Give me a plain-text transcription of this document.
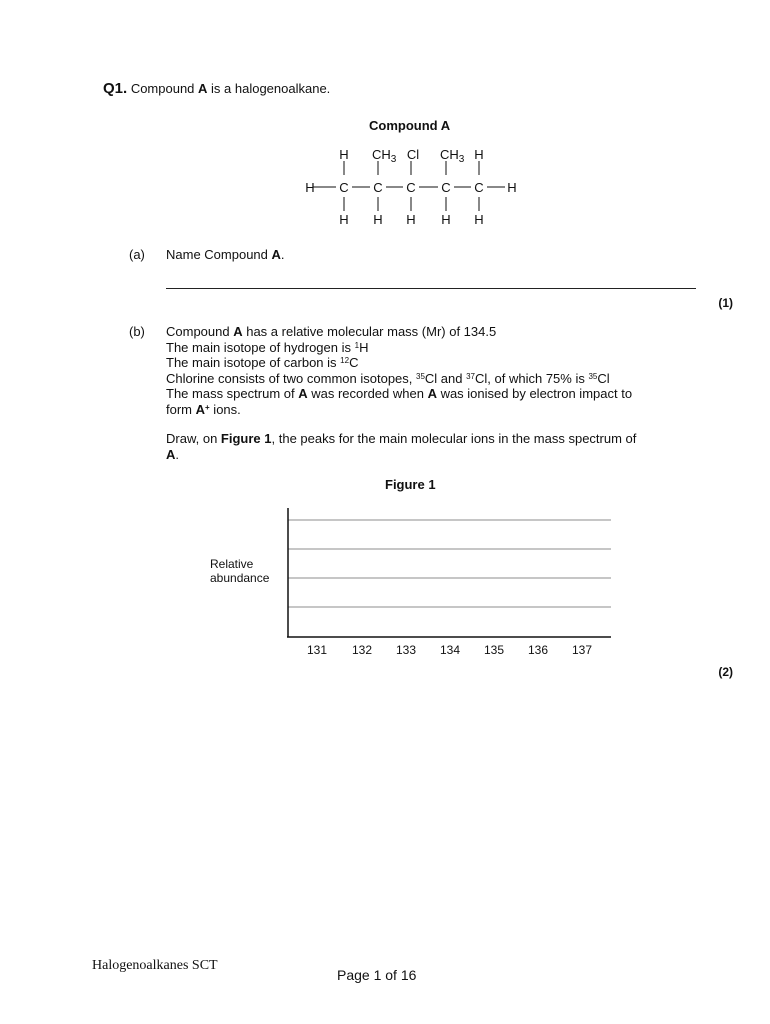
Q1. Compound A is a halogenoalkane.
Compound A
H $CH_3$ Cl $CH_3$ H
H C C C C C H
H H H H H
(a) Name Compound A.
(1)
(b) Compound A has a relative molecular mass (Mr) of 134.5
The main isotope of hydrogen is $^1$H
The main isotope of carbon is $^{12}$C
Chlorine consists of two common isotopes, $^{35}$Cl and $^{37}$Cl, of which 75% is $^{35}$Cl
The mass spectrum of A was recorded when A was ionised by electron impact to
form A+ ions.
Draw, on Figure 1, the peaks for the main molecular ions in the mass spectrum of
A.
Figure 1
Relative
abundance
131 132 133 134 135 136 137
(2)
Halogenoalkanes SCT
Page 1 of 16
